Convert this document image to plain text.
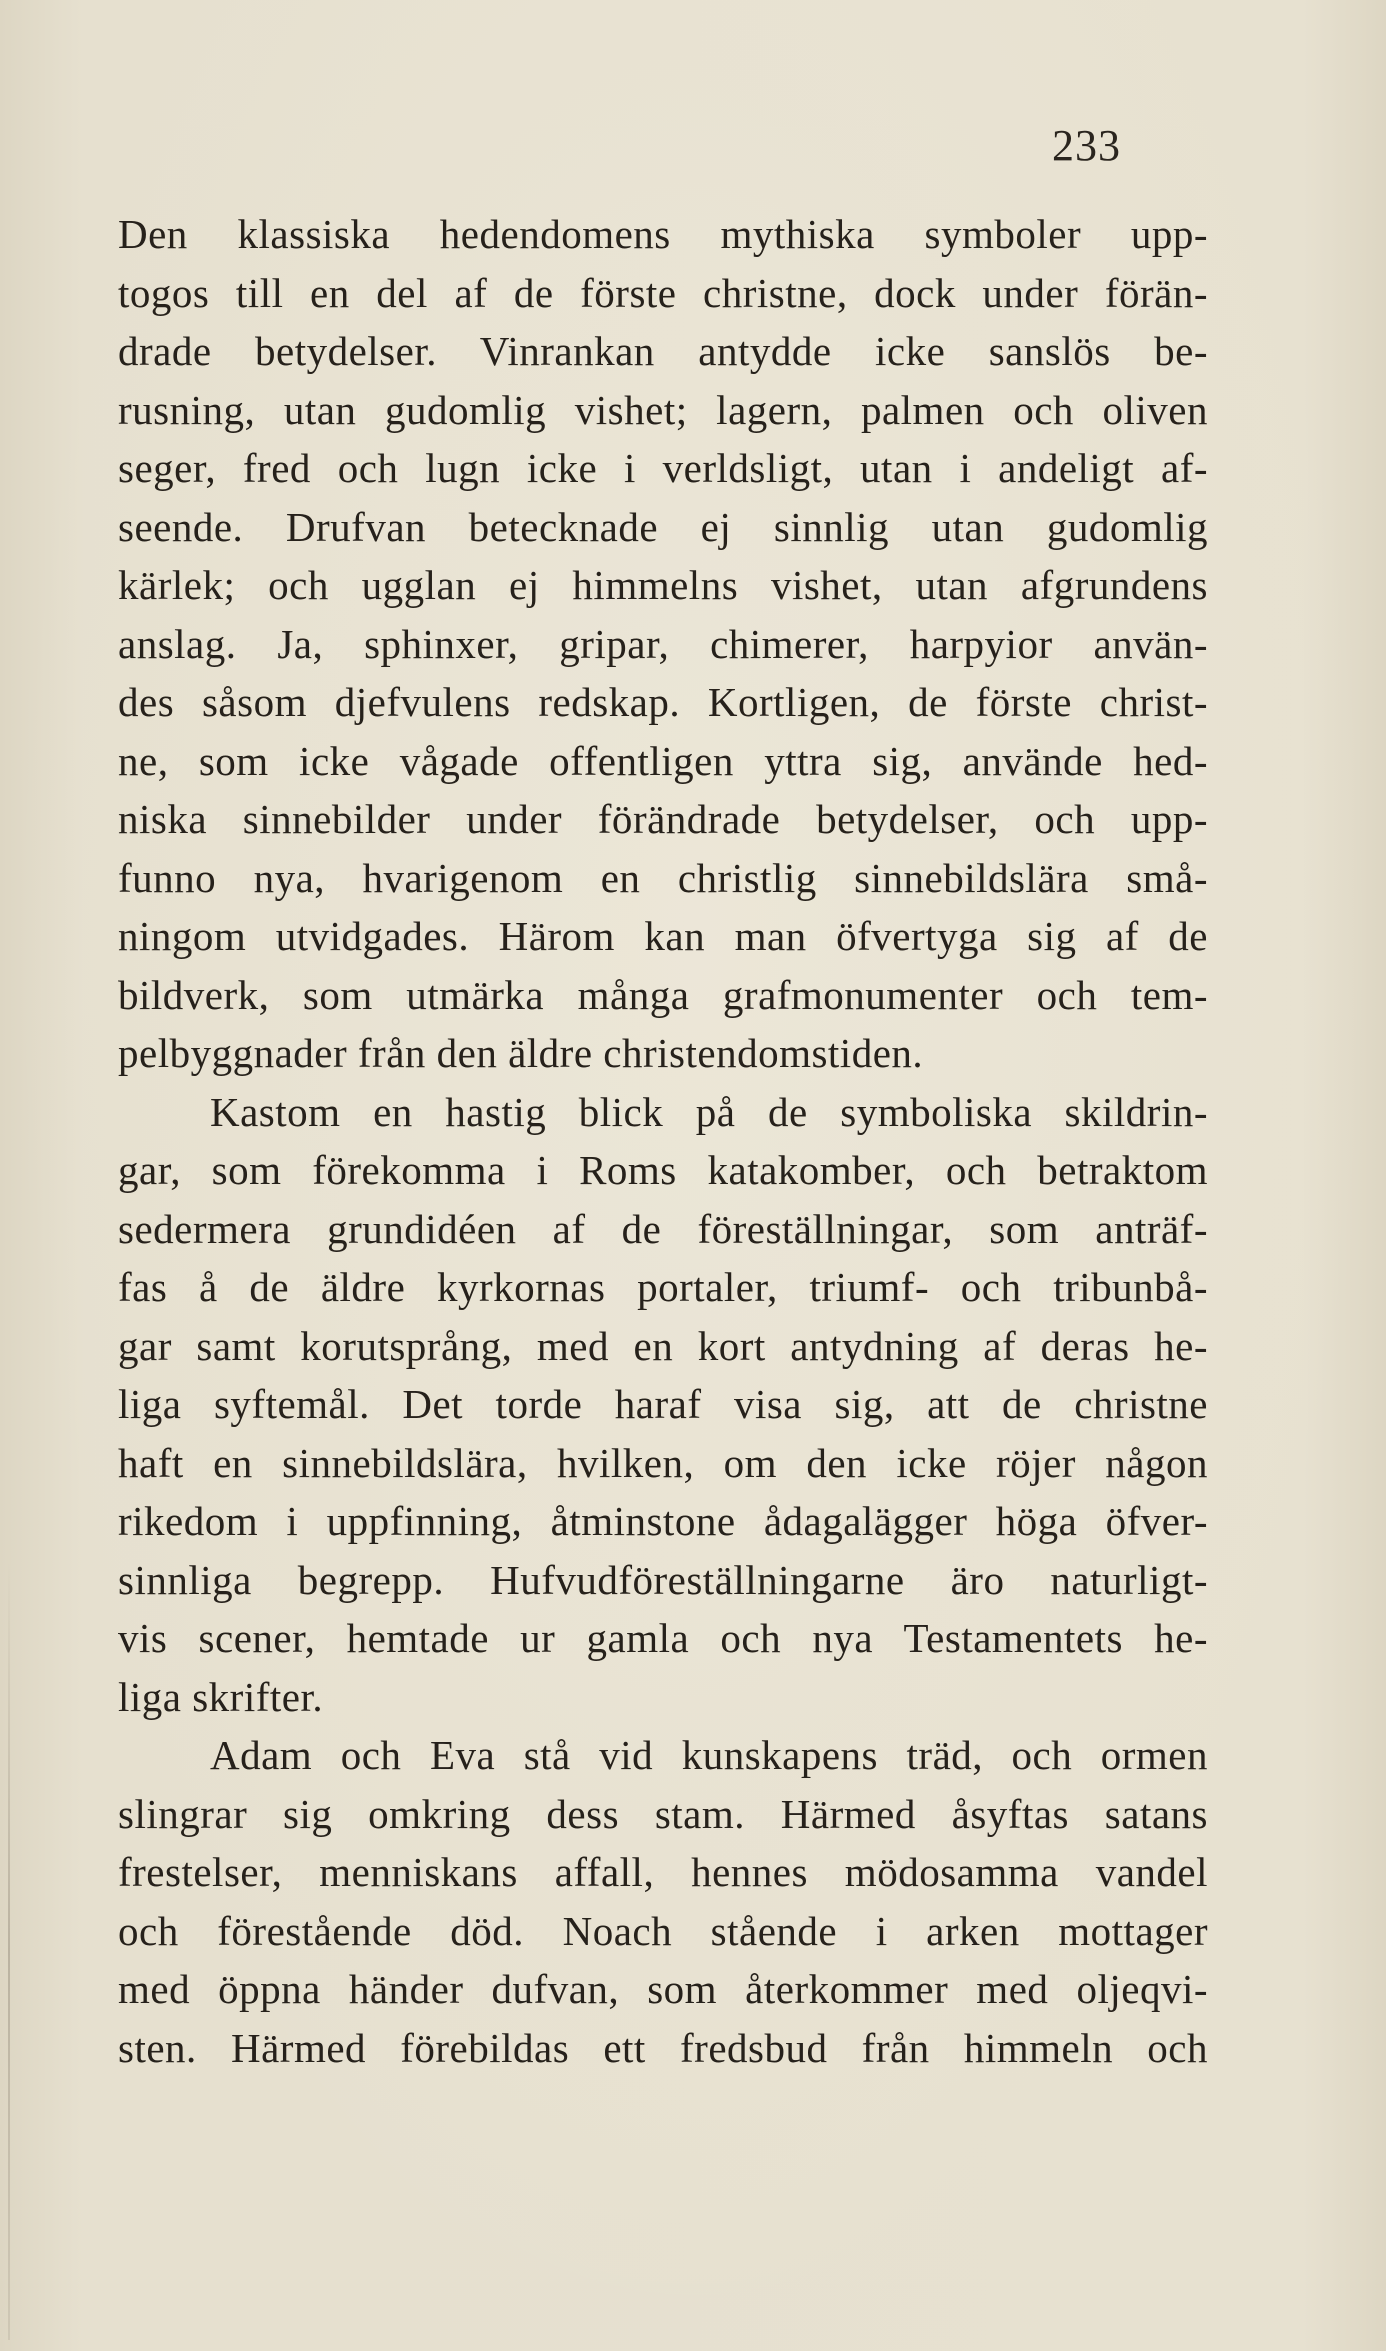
233
Den klassiska hedendomens mythiska symboler upp-
togos till en del af de förste christne, dock under förän-
drade betydelser. Vinrankan antydde icke sanslös be-
rusning, utan gudomlig vishet; lagern, palmen och oliven
seger, fred och lugn icke i verldsligt, utan i andeligt af-
seende. Drufvan betecknade ej sinnlig utan gudomlig
kärlek; och ugglan ej himmelns vishet, utan afgrundens
anslag. Ja, sphinxer, gripar, chimerer, harpyior använ-
des såsom djefvulens redskap. Kortligen, de förste christ-
ne, som icke vågade offentligen yttra sig, använde hed-
niska sinnebilder under förändrade betydelser, och upp-
funno nya, hvarigenom en christlig sinnebildslära små-
ningom utvidgades. Härom kan man öfvertyga sig af de
bildverk, som utmärka många grafmonumenter och tem-
pelbyggnader från den äldre christendomstiden.
Kastom en hastig blick på de symboliska skildrin-
gar, som förekomma i Roms katakomber, och betraktom
sedermera grundidéen af de föreställningar, som anträf-
fas å de äldre kyrkornas portaler, triumf- och tribunbå-
gar samt korutsprång, med en kort antydning af deras he-
liga syftemål. Det torde haraf visa sig, att de christne
haft en sinnebildslära, hvilken, om den icke röjer någon
rikedom i uppfinning, åtminstone ådagalägger höga öfver-
sinnliga begrepp. Hufvudföreställningarne äro naturligt-
vis scener, hemtade ur gamla och nya Testamentets he-
liga skrifter.
Adam och Eva stå vid kunskapens träd, och ormen
slingrar sig omkring dess stam. Härmed åsyftas satans
frestelser, menniskans affall, hennes mödosamma vandel
och förestående död. Noach stående i arken mottager
med öppna händer dufvan, som återkommer med oljeqvi-
sten. Härmed förebildas ett fredsbud från himmeln och
